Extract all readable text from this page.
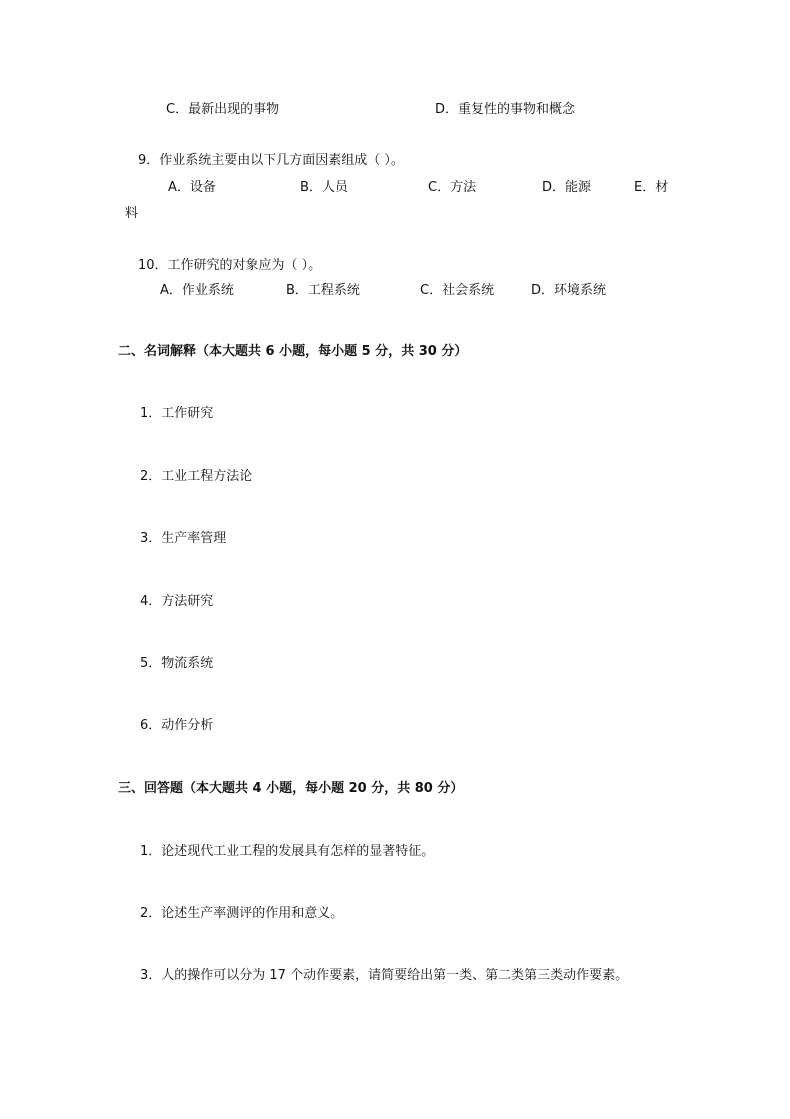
C．最新出现的事物	D．重复性的事物和概念
9．作业系统主要由以下几方面因素组成（ ）。
A．设备	B．人员	C．方法	D．能源	E．材
料
10．工作研究的对象应为（ ）。
A．作业系统	B．工程系统	C．社会系统	D．环境系统
二、名词解释（本大题共 6 小题，每小题 5 分，共 30 分）
1．工作研究
2．工业工程方法论
3．生产率管理
4．方法研究
5．物流系统
6．动作分析
三、回答题（本大题共 4 小题，每小题 20 分，共 80 分）
1．论述现代工业工程的发展具有怎样的显著特征。
2．论述生产率测评的作用和意义。
3．人的操作可以分为 17 个动作要素，请简要给出第一类、第二类第三类动作要素。
